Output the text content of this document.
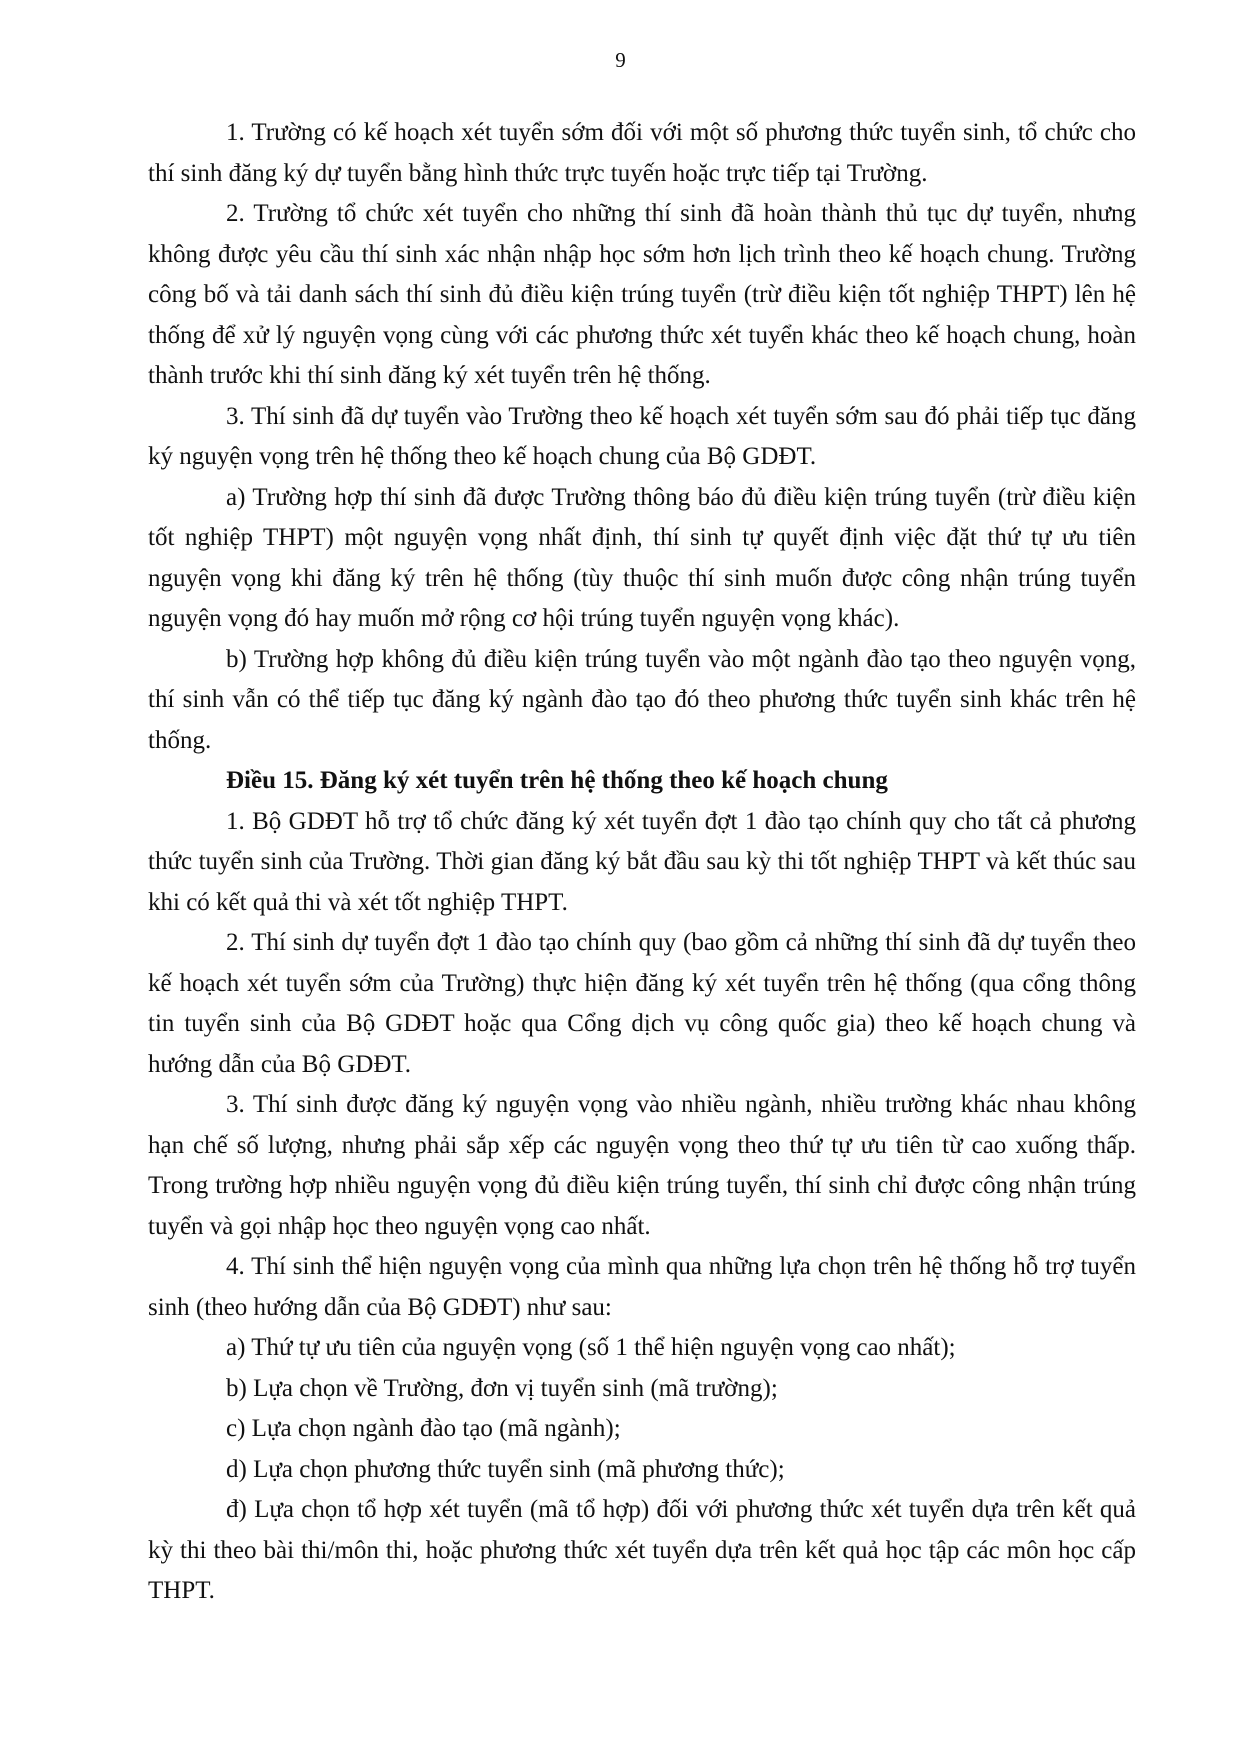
9

1. Trường có kế hoạch xét tuyển sớm đối với một số phương thức tuyển sinh, tổ chức cho thí sinh đăng ký dự tuyển bằng hình thức trực tuyến hoặc trực tiếp tại Trường.

2. Trường tổ chức xét tuyển cho những thí sinh đã hoàn thành thủ tục dự tuyển, nhưng không được yêu cầu thí sinh xác nhận nhập học sớm hơn lịch trình theo kế hoạch chung. Trường công bố và tải danh sách thí sinh đủ điều kiện trúng tuyển (trừ điều kiện tốt nghiệp THPT) lên hệ thống để xử lý nguyện vọng cùng với các phương thức xét tuyển khác theo kế hoạch chung, hoàn thành trước khi thí sinh đăng ký xét tuyển trên hệ thống.

3. Thí sinh đã dự tuyển vào Trường theo kế hoạch xét tuyển sớm sau đó phải tiếp tục đăng ký nguyện vọng trên hệ thống theo kế hoạch chung của Bộ GDĐT.

a) Trường hợp thí sinh đã được Trường thông báo đủ điều kiện trúng tuyển (trừ điều kiện tốt nghiệp THPT) một nguyện vọng nhất định, thí sinh tự quyết định việc đặt thứ tự ưu tiên nguyện vọng khi đăng ký trên hệ thống (tùy thuộc thí sinh muốn được công nhận trúng tuyển nguyện vọng đó hay muốn mở rộng cơ hội trúng tuyển nguyện vọng khác).

b) Trường hợp không đủ điều kiện trúng tuyển vào một ngành đào tạo theo nguyện vọng, thí sinh vẫn có thể tiếp tục đăng ký ngành đào tạo đó theo phương thức tuyển sinh khác trên hệ thống.

Điều 15. Đăng ký xét tuyển trên hệ thống theo kế hoạch chung

1. Bộ GDĐT hỗ trợ tổ chức đăng ký xét tuyển đợt 1 đào tạo chính quy cho tất cả phương thức tuyển sinh của Trường. Thời gian đăng ký bắt đầu sau kỳ thi tốt nghiệp THPT và kết thúc sau khi có kết quả thi và xét tốt nghiệp THPT.

2. Thí sinh dự tuyển đợt 1 đào tạo chính quy (bao gồm cả những thí sinh đã dự tuyển theo kế hoạch xét tuyển sớm của Trường) thực hiện đăng ký xét tuyển trên hệ thống (qua cổng thông tin tuyển sinh của Bộ GDĐT hoặc qua Cổng dịch vụ công quốc gia) theo kế hoạch chung và hướng dẫn của Bộ GDĐT.

3. Thí sinh được đăng ký nguyện vọng vào nhiều ngành, nhiều trường khác nhau không hạn chế số lượng, nhưng phải sắp xếp các nguyện vọng theo thứ tự ưu tiên từ cao xuống thấp. Trong trường hợp nhiều nguyện vọng đủ điều kiện trúng tuyển, thí sinh chỉ được công nhận trúng tuyển và gọi nhập học theo nguyện vọng cao nhất.

4. Thí sinh thể hiện nguyện vọng của mình qua những lựa chọn trên hệ thống hỗ trợ tuyển sinh (theo hướng dẫn của Bộ GDĐT) như sau:

a) Thứ tự ưu tiên của nguyện vọng (số 1 thể hiện nguyện vọng cao nhất);

b) Lựa chọn về Trường, đơn vị tuyển sinh (mã trường);

c) Lựa chọn ngành đào tạo (mã ngành);

d) Lựa chọn phương thức tuyển sinh (mã phương thức);

đ) Lựa chọn tổ hợp xét tuyển (mã tổ hợp) đối với phương thức xét tuyển dựa trên kết quả kỳ thi theo bài thi/môn thi, hoặc phương thức xét tuyển dựa trên kết quả học tập các môn học cấp THPT.
